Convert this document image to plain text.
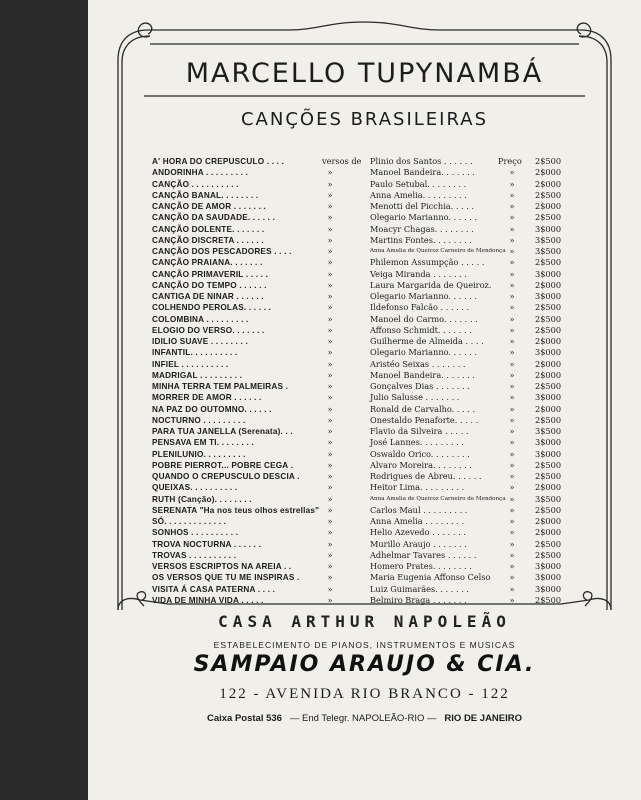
MARCELLO TUPYNAMBÁ
CANÇÕES BRASILEIRAS
A' HORA DO CREPUSCULO . . . .	versos de Plinio dos Santos . . . . . .	Preço 2$500
ANDORINHA . . . . . . . . .	»	Manoel Bandeira. . . . . . .	»	2$000
CANÇÃO . . . . . . . . . .	»	Paulo Setubal. . . . . . . .	»	2$000
CANÇÃO BANAL. . . . . . . .	»	Anna Amelia. . . . . . . . .	»	2$500
CANÇÃO DE AMOR . . . . . . .	»	Menotti del Picchia. . . . .	»	2$000
CANÇÃO DA SAUDADE. . . . . .	»	Olegario Marianno. . . . . .	»	2$500
CANÇÃO DOLENTE. . . . . . .	»	Moacyr Chagas. . . . . . . .	»	3$000
CANÇÃO DISCRETA . . . . . .	»	Martins Fontes. . . . . . . .	»	3$500
CANÇÃO DOS PESCADORES . . . .	»	Anna Amelia de Queiroz Carneiro de Mendonça »	3$500
CANÇÃO PRAIANA. . . . . . .	»	Philemon Assumpção . . . . .	»	2$500
CANÇÃO PRIMAVERIL . . . . .	»	Veiga Miranda . . . . . . .	»	3$000
CANÇÃO DO TEMPO . . . . . .	»	Laura Margarida de Queiroz.	»	2$000
CANTIGA DE NINAR . . . . . .	»	Olegario Marianno. . . . . .	»	3$000
COLHENDO PEROLAS. . . . . .	»	Ildefonso Falcão . . . . . .	»	2$500
COLOMBINA . . . . . . . . .	»	Manoel do Carmo. . . . . . .	»	2$500
ELOGIO DO VERSO. . . . . . .	»	Affonso Schmidt. . . . . . .	»	2$500
IDILIO SUAVE . . . . . . . .	»	Guilherme de Almeida . . . .	»	2$000
INFANTIL. . . . . . . . . .	»	Olegario Marianno. . . . . .	»	3$000
INFIEL . . . . . . . . . .	»	Aristéo Seixas . . . . . . .	»	2$000
MADRIGAL . . . . . . . . .	»	Manoel Bandeira. . . . . . .	»	2$000
MINHA TERRA TEM PALMEIRAS .	»	Gonçalves Dias . . . . . . .	»	2$500
MORRER DE AMOR . . . . . .	»	Julio Salusse . . . . . . .	»	3$000
NA PAZ DO OUTOMNO. . . . . .	»	Ronald de Carvalho. . . . .	»	2$000
NOCTURNO . . . . . . . . .	»	Onestaldo Penaforte. . . . .	»	2$500
PARA TUA JANELLA (Serenata). . .	»	Flavio da Silveira . . . . .	»	3$500
PENSAVA EM TI. . . . . . . .	»	José Lannes. . . . . . . . .	»	3$000
PLENILUNIO. . . . . . . . .	»	Oswaldo Orico. . . . . . . .	»	3$000
POBRE PIERROT... POBRE CEGA .	»	Alvaro Moreira. . . . . . . .	»	2$500
QUANDO O CREPUSCULO DESCIA .	»	Rodrigues de Abreu. . . . . .	»	2$500
QUEIXAS. . . . . . . . . .	»	Heitor Lima. . . . . . . . .	»	2$000
RUTH (Canção). . . . . . . .	»	Anna Amelia de Queiroz Carneiro de Mendonça »	3$500
SERENATA "Ha nos teus olhos estrellas"	»	Carlos Maul . . . . . . . . .	»	2$500
SÓ. . . . . . . . . . . . .	»	Anna Amelia . . . . . . . .	»	2$000
SONHOS . . . . . . . . . .	»	Helio Azevedo . . . . . . .	»	2$000
TROVA NOCTURNA . . . . . .	»	Murillo Araujo . . . . . . .	»	2$500
TROVAS . . . . . . . . . .	»	Adhelmar Tavares . . . . . .	»	2$500
VERSOS ESCRIPTOS NA AREIA . .	»	Homero Prates. . . . . . . .	»	3$000
OS VERSOS QUE TU ME INSPIRAS .	»	Maria Eugenia Affonso Celso	»	3$000
VISITA Á CASA PATERNA . . . .	»	Luiz Guimarães. . . . . . .	»	3$000
VIDA DE MINHA VIDA . . . . .	»	Belmiro Braga . . . . . . .	»	2$500
CASA ARTHUR NAPOLEÃO
ESTABELECIMENTO DE PIANOS, INSTRUMENTOS E MUSICAS
SAMPAIO ARAUJO & CIA.
122 - AVENIDA RIO BRANCO - 122
Caixa Postal 536 — End Telegr. NAPOLEÃO-RIO — RIO DE JANEIRO
